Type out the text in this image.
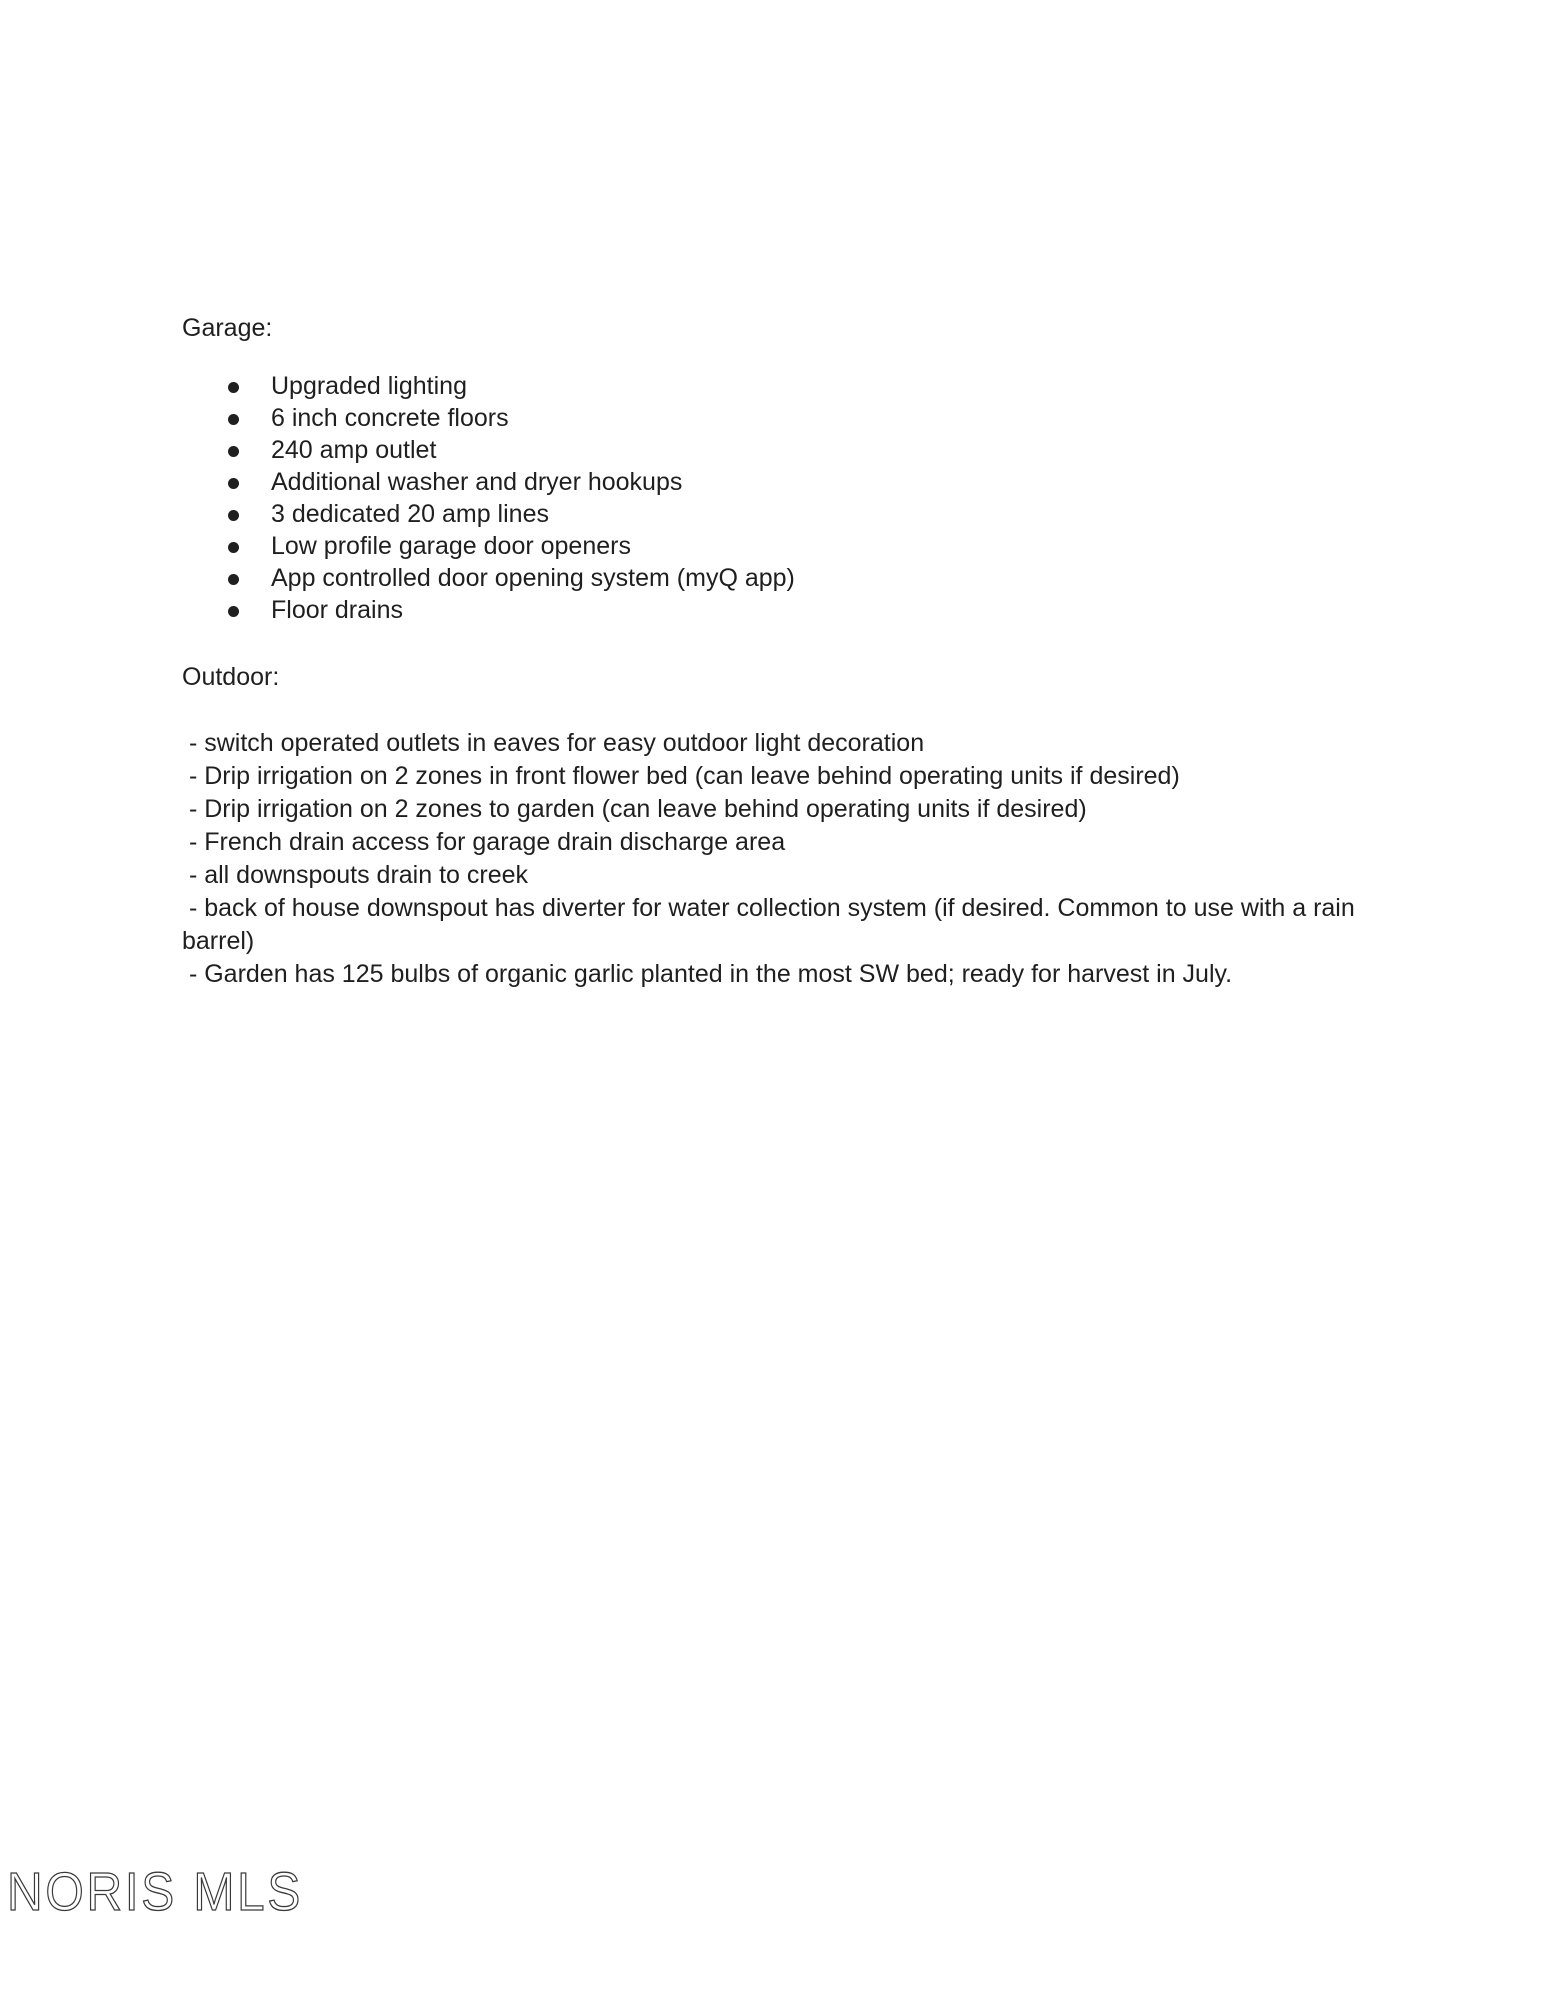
Garage:
Upgraded lighting
6 inch concrete floors
240 amp outlet
Additional washer and dryer hookups
3 dedicated 20 amp lines
Low profile garage door openers
App controlled door opening system (myQ app)
Floor drains
Outdoor:

- switch operated outlets in eaves for easy outdoor light decoration

- Drip irrigation on 2 zones in front flower bed (can leave behind operating units if desired)

- Drip irrigation on 2 zones to garden (can leave behind operating units if desired)

- French drain access for garage drain discharge area

- all downspouts drain to creek

- back of house downspout has diverter for water collection system (if desired. Common to use with a rain barrel)

- Garden has 125 bulbs of organic garlic planted in the most SW bed; ready for harvest in July.

NORIS MLS
